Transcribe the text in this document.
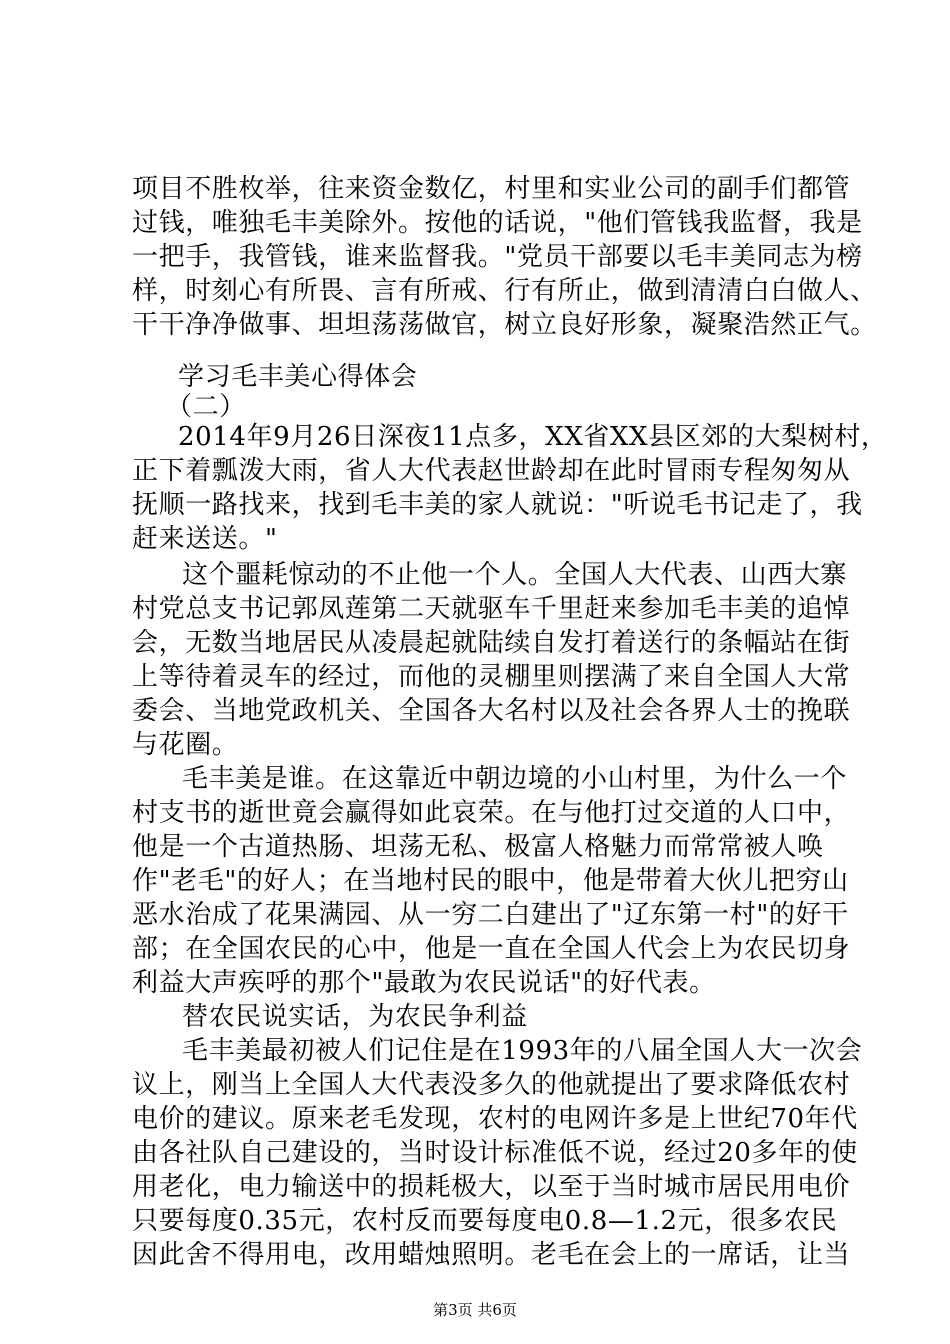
项目不胜枚举，往来资金数亿，村里和实业公司的副手们都管
过钱，唯独毛丰美除外。按他的话说，"他们管钱我监督，我是
一把手，我管钱，谁来监督我。"党员干部要以毛丰美同志为榜
样，时刻心有所畏、言有所戒、行有所止，做到清清白白做人、
干干净净做事、坦坦荡荡做官，树立良好形象，凝聚浩然正气。
学习毛丰美心得体会
（二）
2014年9月26日深夜11点多，XX省XX县区郊的大梨树村，
正下着瓢泼大雨，省人大代表赵世龄却在此时冒雨专程匆匆从
抚顺一路找来，找到毛丰美的家人就说："听说毛书记走了，我
赶来送送。"
这个噩耗惊动的不止他一个人。全国人大代表、山西大寨
村党总支书记郭凤莲第二天就驱车千里赶来参加毛丰美的追悼
会，无数当地居民从凌晨起就陆续自发打着送行的条幅站在街
上等待着灵车的经过，而他的灵棚里则摆满了来自全国人大常
委会、当地党政机关、全国各大名村以及社会各界人士的挽联
与花圈。
毛丰美是谁。在这靠近中朝边境的小山村里，为什么一个
村支书的逝世竟会赢得如此哀荣。在与他打过交道的人口中，
他是一个古道热肠、坦荡无私、极富人格魅力而常常被人唤
作"老毛"的好人；在当地村民的眼中，他是带着大伙儿把穷山
恶水治成了花果满园、从一穷二白建出了"辽东第一村"的好干
部；在全国农民的心中，他是一直在全国人代会上为农民切身
利益大声疾呼的那个"最敢为农民说话"的好代表。
替农民说实话，为农民争利益
毛丰美最初被人们记住是在1993年的八届全国人大一次会
议上，刚当上全国人大代表没多久的他就提出了要求降低农村
电价的建议。原来老毛发现，农村的电网许多是上世纪70年代
由各社队自己建设的，当时设计标准低不说，经过20多年的使
用老化，电力输送中的损耗极大，以至于当时城市居民用电价
只要每度0.35元，农村反而要每度电0.8—1.2元，很多农民
因此舍不得用电，改用蜡烛照明。老毛在会上的一席话，让当
第3页 共6页
